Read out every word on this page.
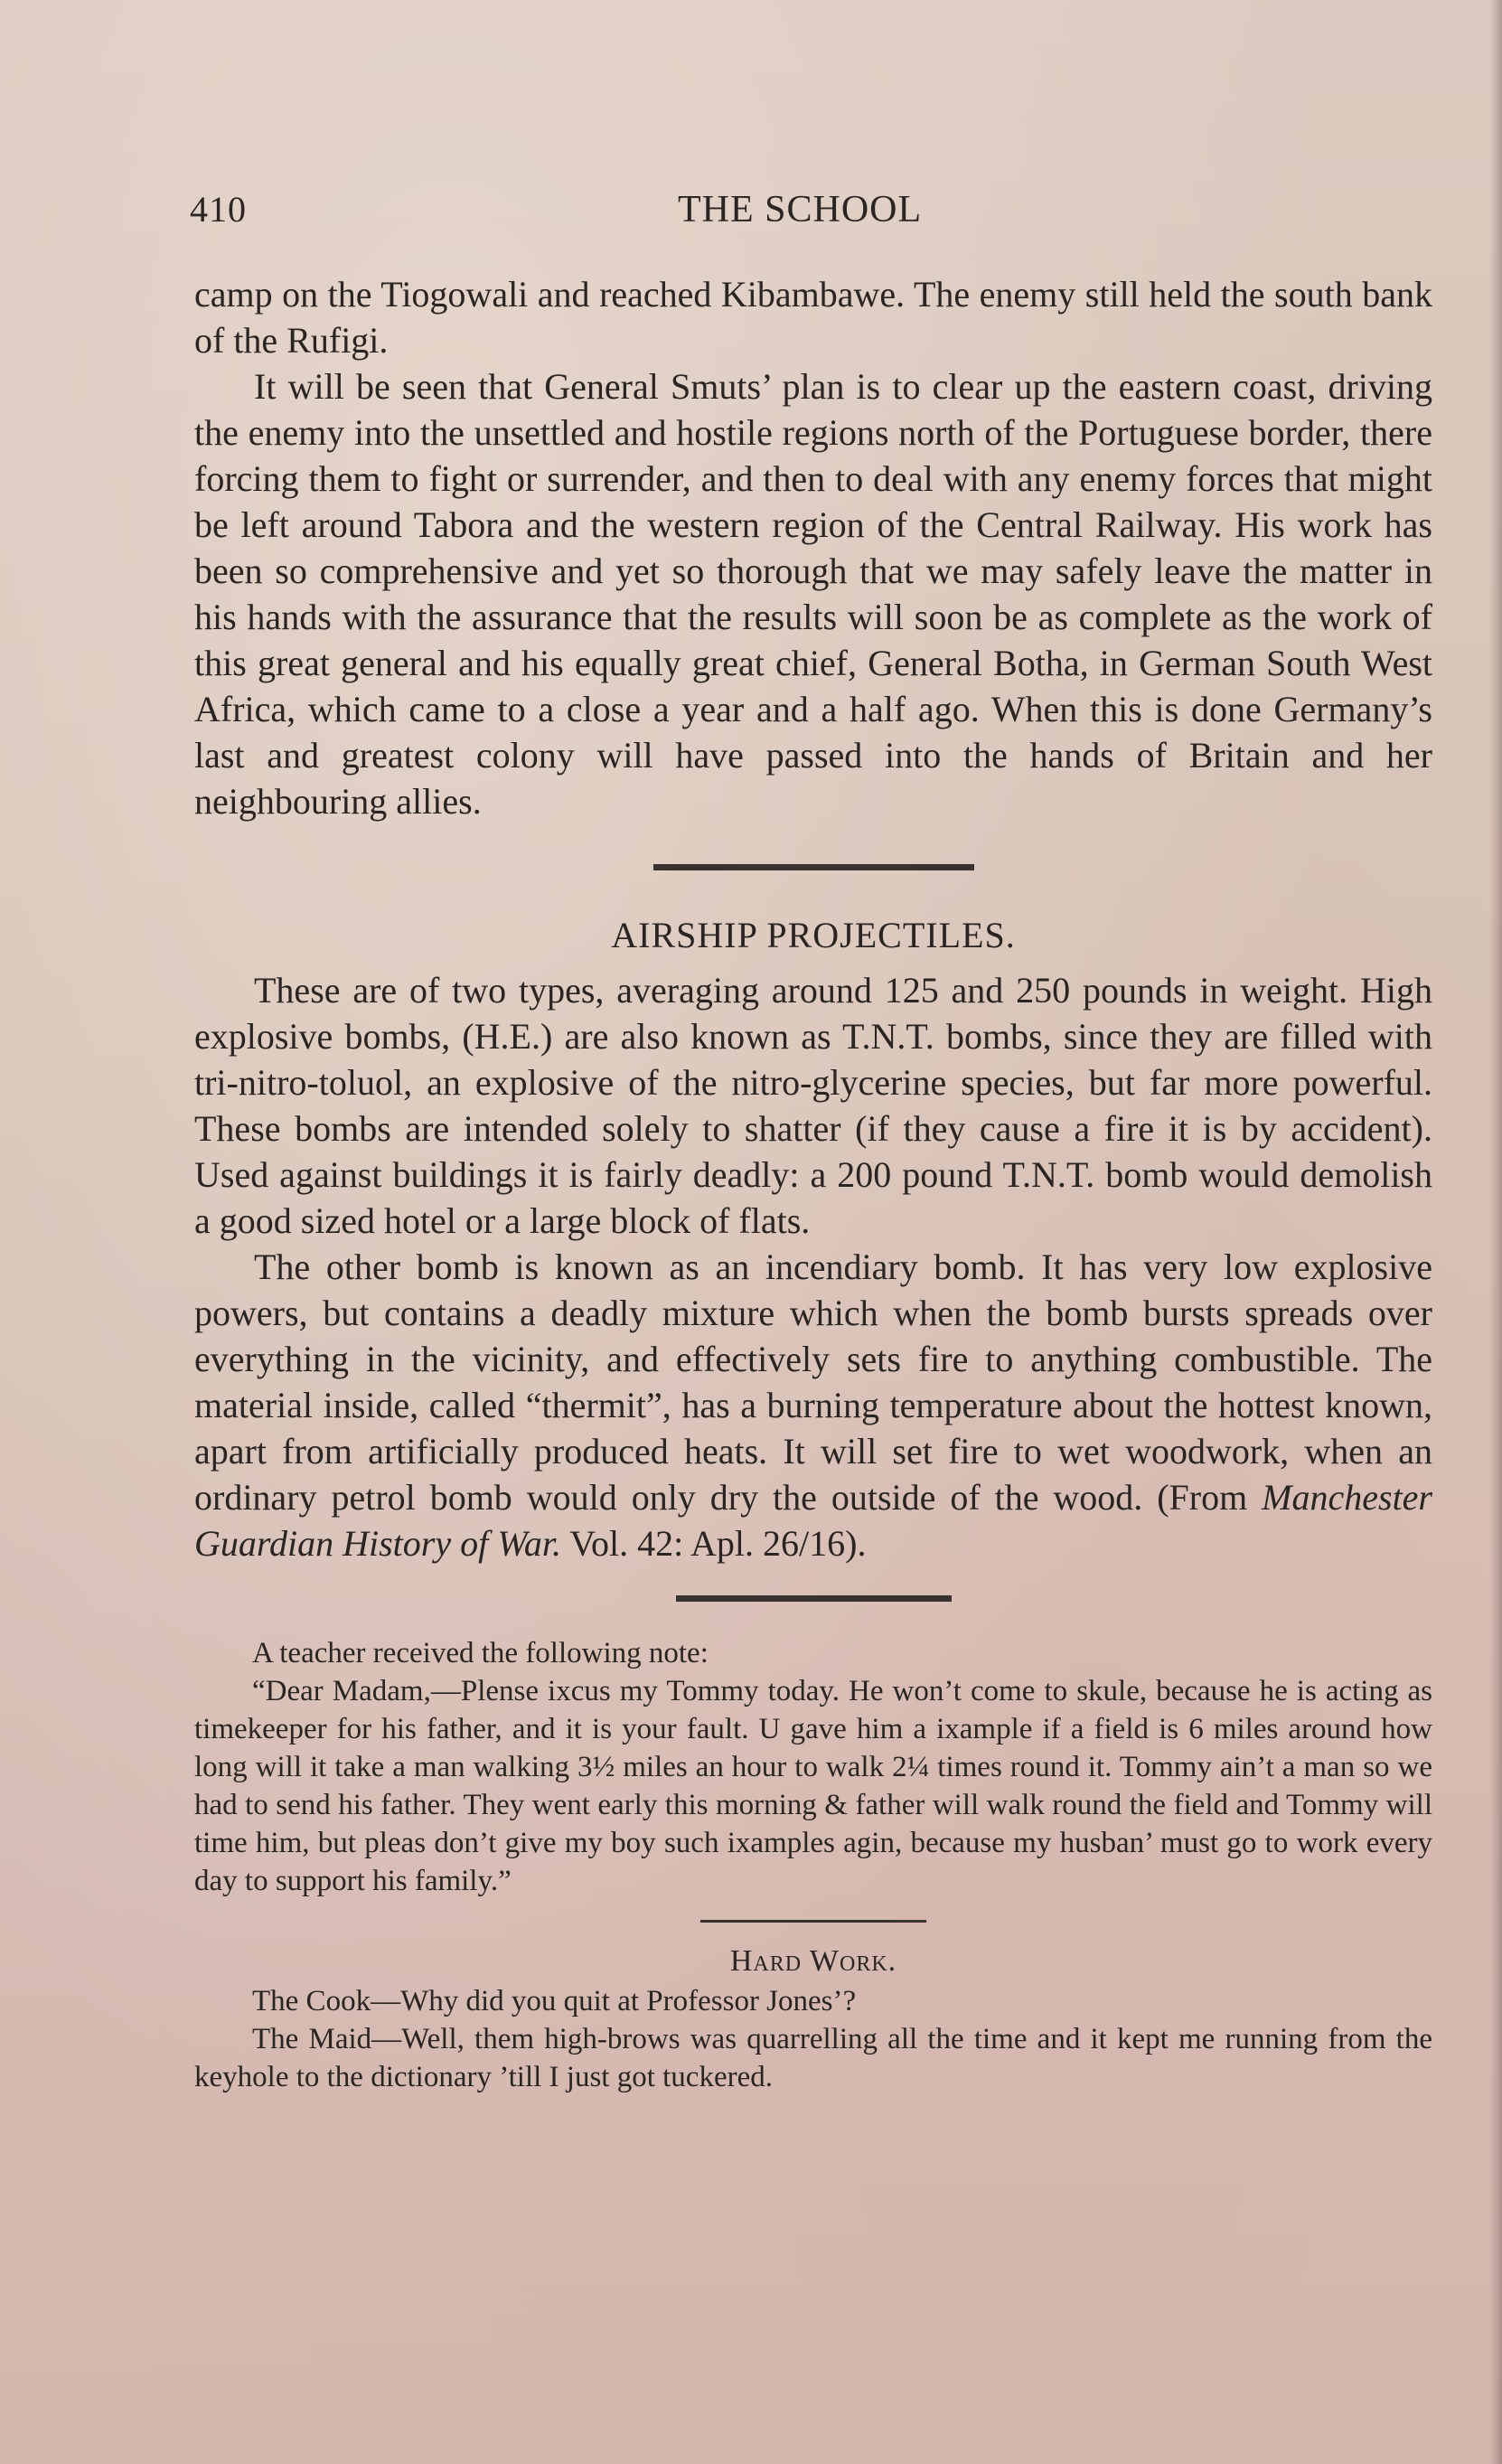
410	THE SCHOOL

camp on the Tiogowali and reached Kibambawe. The enemy still held the south bank of the Rufigi.

It will be seen that General Smuts’ plan is to clear up the eastern coast, driving the enemy into the unsettled and hostile regions north of the Portuguese border, there forcing them to fight or surrender, and then to deal with any enemy forces that might be left around Tabora and the western region of the Central Railway. His work has been so comprehensive and yet so thorough that we may safely leave the matter in his hands with the assurance that the results will soon be as complete as the work of this great general and his equally great chief, General Botha, in German South West Africa, which came to a close a year and a half ago. When this is done Germany’s last and greatest colony will have passed into the hands of Britain and her neighbouring allies.

AIRSHIP PROJECTILES.

These are of two types, averaging around 125 and 250 pounds in weight. High explosive bombs, (H.E.) are also known as T.N.T. bombs, since they are filled with tri-nitro-toluol, an explosive of the nitro-glycerine species, but far more powerful. These bombs are intended solely to shatter (if they cause a fire it is by accident). Used against buildings it is fairly deadly: a 200 pound T.N.T. bomb would demolish a good sized hotel or a large block of flats.

The other bomb is known as an incendiary bomb. It has very low explosive powers, but contains a deadly mixture which when the bomb bursts spreads over everything in the vicinity, and effectively sets fire to anything combustible. The material inside, called “thermit”, has a burning temperature about the hottest known, apart from artificially produced heats. It will set fire to wet woodwork, when an ordinary petrol bomb would only dry the outside of the wood. (From Manchester Guardian History of War. Vol. 42: Apl. 26/16).

A teacher received the following note:

“Dear Madam,—Plense ixcus my Tommy today. He won’t come to skule, because he is acting as timekeeper for his father, and it is your fault. U gave him a ixample if a field is 6 miles around how long will it take a man walking 3½ miles an hour to walk 2¼ times round it. Tommy ain’t a man so we had to send his father. They went early this morning & father will walk round the field and Tommy will time him, but pleas don’t give my boy such ixamples agin, because my husban’ must go to work every day to support his family.”

Hard Work.

The Cook—Why did you quit at Professor Jones’?

The Maid—Well, them high-brows was quarrelling all the time and it kept me running from the keyhole to the dictionary ’till I just got tuckered.
